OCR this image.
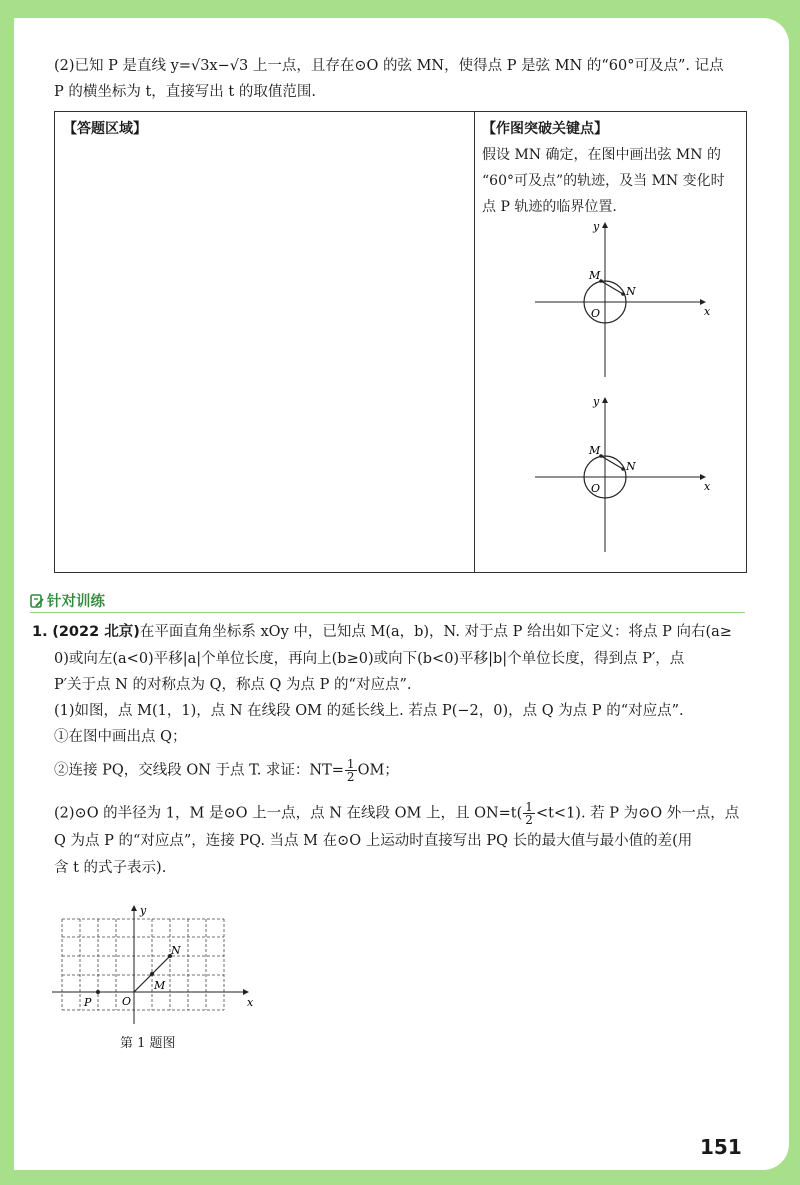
(2)已知 P 是直线 y=√3x−√3 上一点，且存在⊙O 的弦 MN，使得点 P 是弦 MN 的“60°可及点”. 记点
P 的横坐标为 t，直接写出 t 的取值范围.
【答题区域】	【作图突破关键点】
假设 MN 确定，在图中画出弦 MN 的
“60°可及点”的轨迹，及当 MN 变化时
点 P 轨迹的临界位置.
x
y
O
M
N
x
y
O
M
N
针对训练
1. (2022 北京)在平面直角坐标系 xOy 中，已知点 M(a，b)，N. 对于点 P 给出如下定义：将点 P 向右(a≥
0)或向左(a<0)平移|a|个单位长度，再向上(b≥0)或向下(b<0)平移|b|个单位长度，得到点 P′，点
P′关于点 N 的对称点为 Q，称点 Q 为点 P 的“对应点”.
(1)如图，点 M(1，1)，点 N 在线段 OM 的延长线上. 若点 P(−2，0)，点 Q 为点 P 的“对应点”.
①在图中画出点 Q；
②连接 PQ，交线段 ON 于点 T. 求证：$NT= \frac{1}{2}$ OM；
(2)⊙O 的半径为 1，M 是⊙O 上一点，点 N 在线段 OM 上，且 $ON=t( \frac{1}{2} <t<1)$. 若 P 为⊙O 外一点，点
Q 为点 P 的“对应点”，连接 PQ. 当点 M 在⊙O 上运动时直接写出 PQ 长的最大值与最小值的差(用
含 t 的式子表示).
x
y
O
M
N
P
第 1 题图
151
